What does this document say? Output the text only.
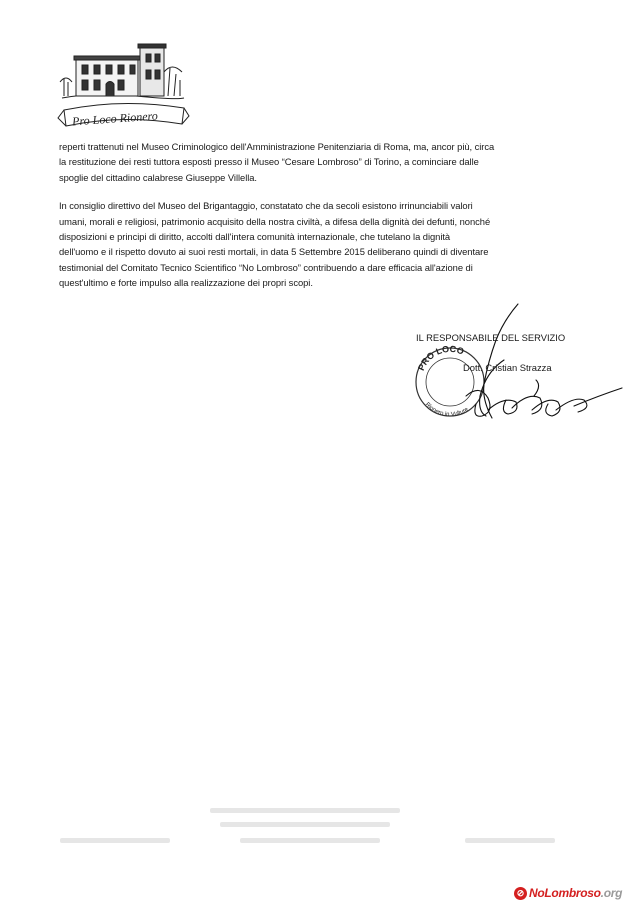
Pro Loco Rionero

reperti trattenuti nel Museo Criminologico dell'Amministrazione Penitenziaria di Roma, ma, ancor più, circa
la restituzione dei resti tuttora esposti presso il Museo “Cesare Lombroso” di Torino, a cominciare dalle
spoglie del cittadino calabrese Giuseppe Villella.

In consiglio direttivo del Museo del Brigantaggio, constatato che da secoli esistono irrinunciabili valori
umani, morali e religiosi, patrimonio acquisito della nostra civiltà, a difesa della dignità dei defunti, nonché
disposizioni e principi di diritto, accolti dall'intera comunità internazionale, che tutelano la dignità
dell'uomo e il rispetto dovuto ai suoi resti mortali, in data 5 Settembre 2015 deliberano quindi di diventare
testimonial del Comitato Tecnico Scientifico “No Lombroso” contribuendo a dare efficacia all'azione di
quest'ultimo e forte impulso alla realizzazione dei propri scopi.

PRO LOCO
Rionero in Vulture
IL RESPONSABILE DEL SERVIZIO
Dott. Cristian Strazza
⊘ NoLombroso.org
